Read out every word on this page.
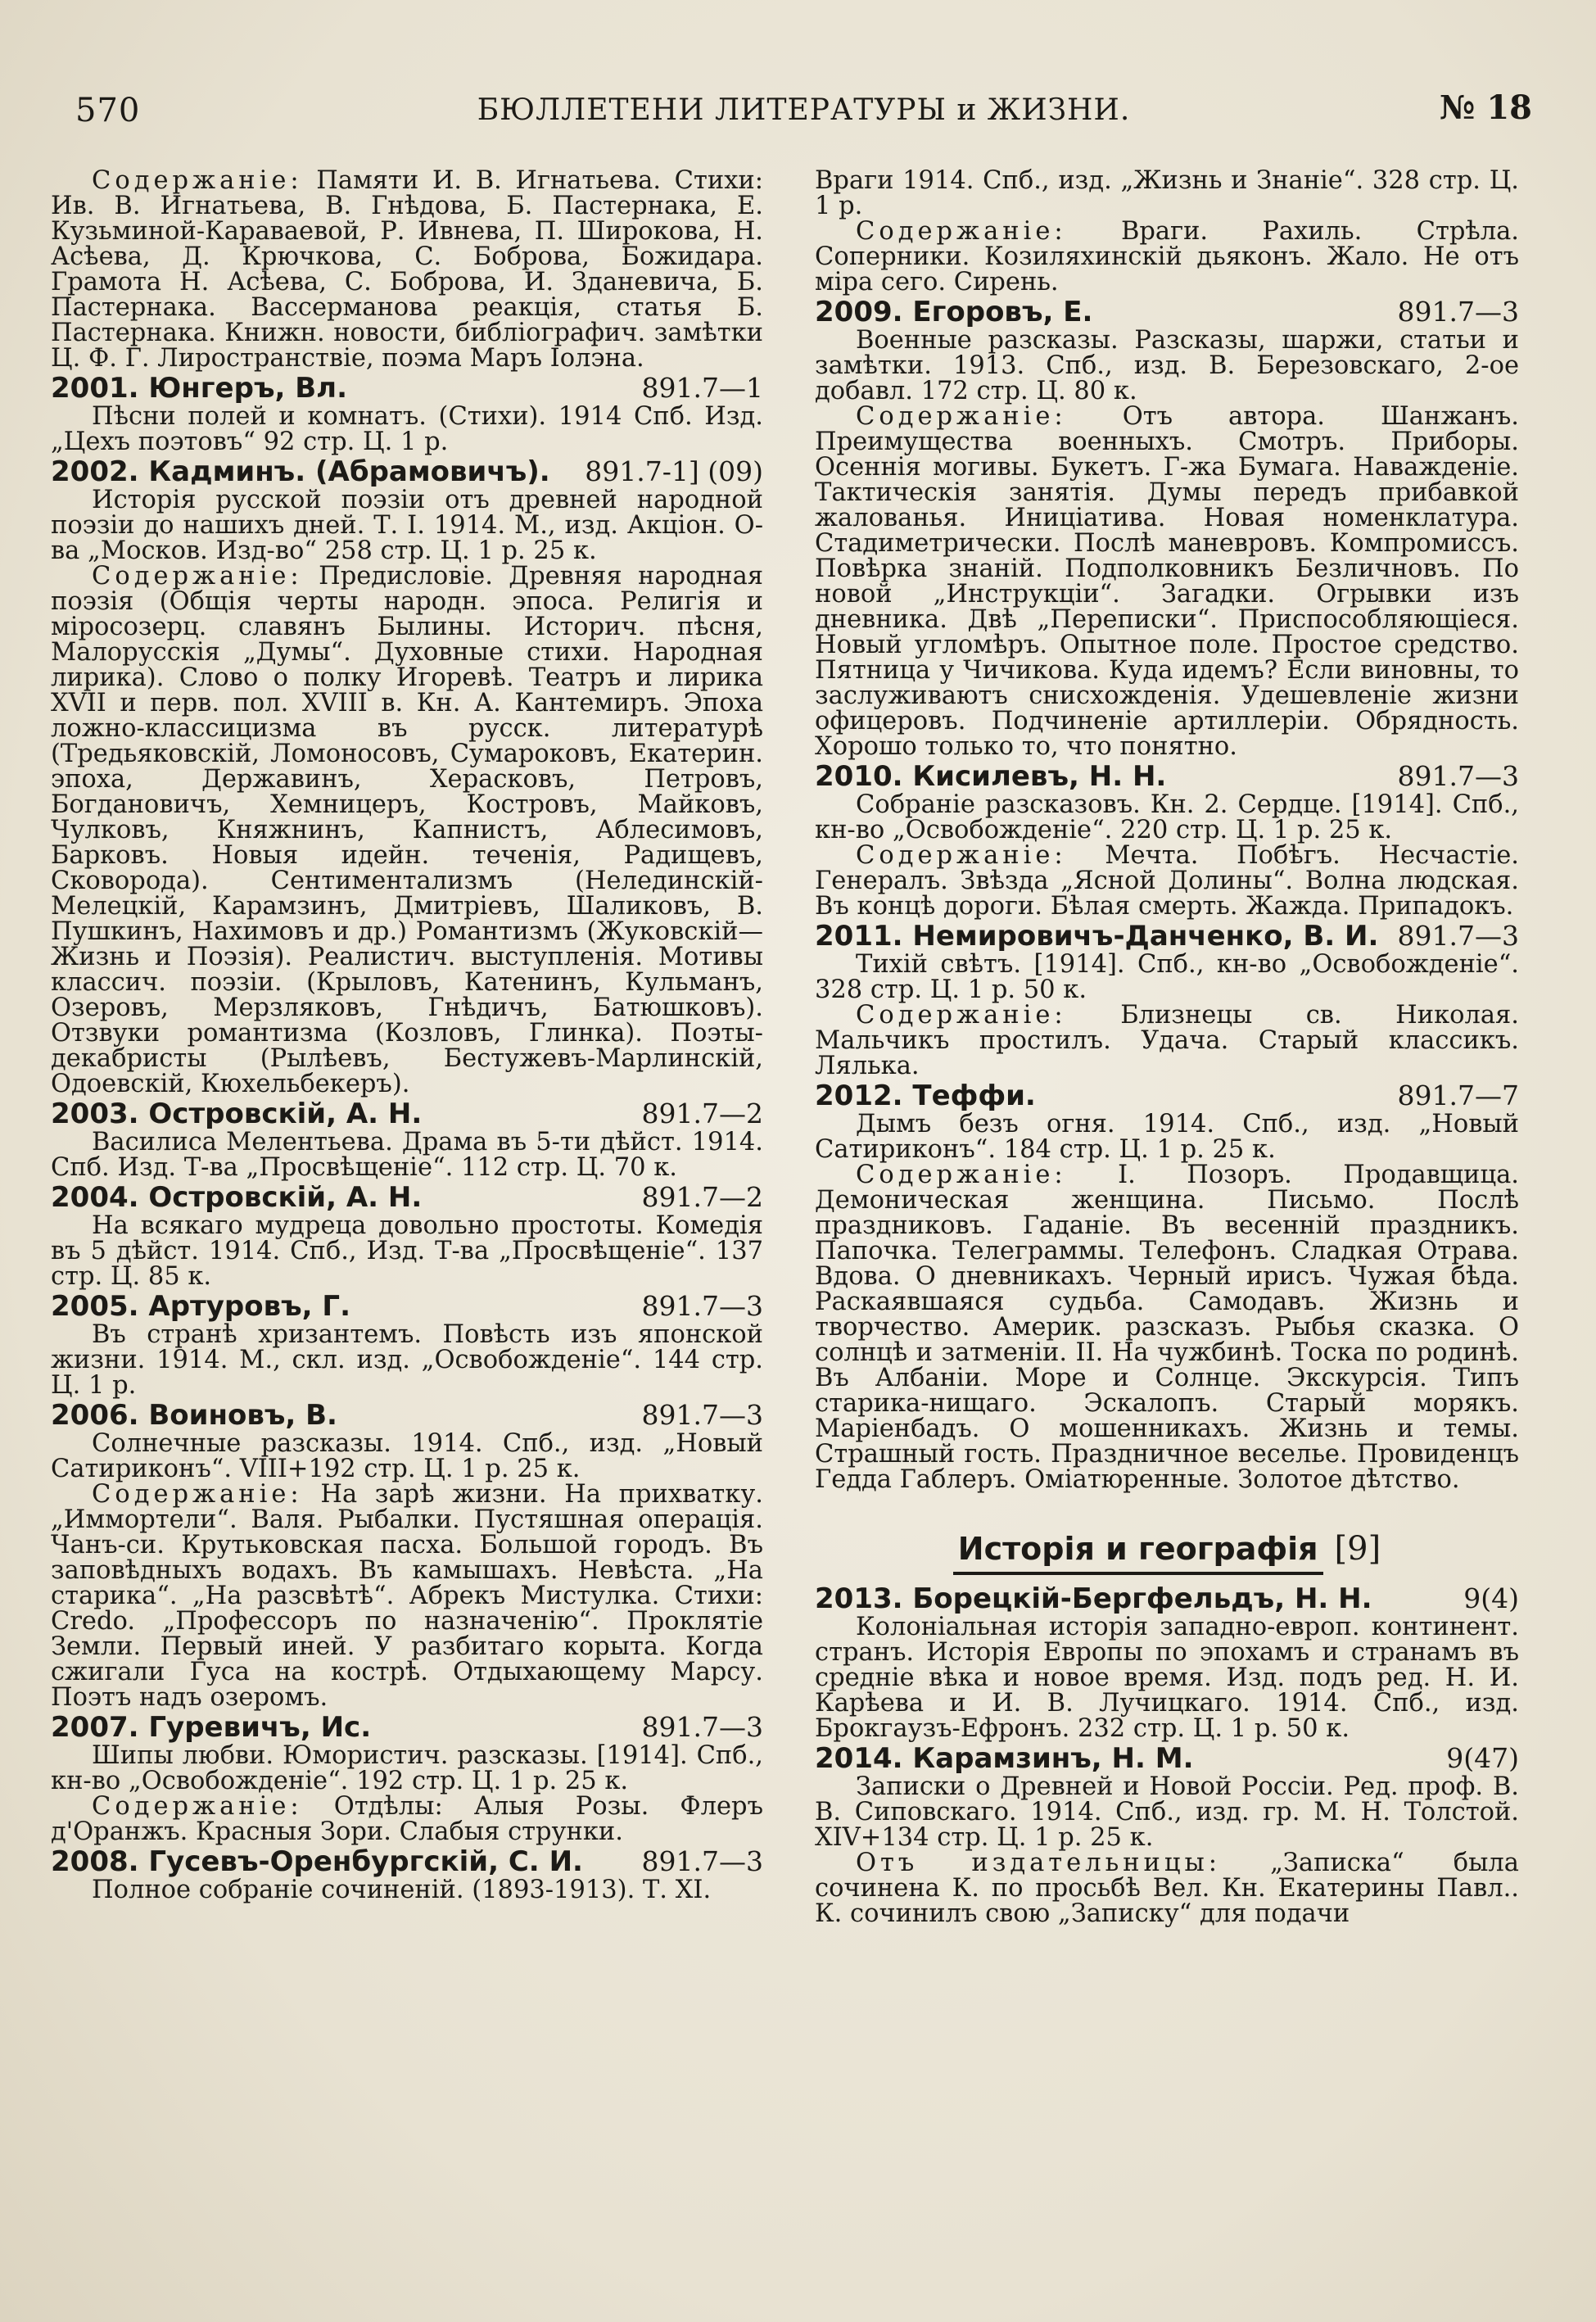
570	БЮЛЛЕТЕНИ ЛИТЕРАТУРЫ и ЖИЗНИ.	№ 18

Содержаніе: Памяти И. В. Игнатьева. Стихи: Ив. В. Игнатьева, В. Гнѣдова, Б. Пастернака, Е. Кузьминой-Караваевой, Р. Ивнева, П. Широкова, Н. Асѣева, Д. Крючкова, С. Боброва, Божидара. Грамота Н. Асѣева, С. Боброва, И. Зданевича, Б. Пастернака. Вассермановa реакція, статья Б. Пастернака. Книжн. новости, библіографич. замѣтки Ц. Ф. Г. Лиространствіе, поэма Маръ Іолэна.

2001. Юнгеръ, Вл.	891.7—1

Пѣсни полей и комнатъ. (Стихи). 1914 Спб. Изд. „Цехъ поэтовъ“ 92 стр. Ц. 1 р.

2002. Кадминъ. (Абрамовичъ). 891.7-1] (09)

Исторія русской поэзіи отъ древней народной поэзіи до нашихъ дней. Т. I. 1914. М., изд. Акціон. О-ва „Москов. Изд-во“ 258 стр. Ц. 1 р. 25 к.

Содержаніе: Предисловіе. Древняя народная поэзія (Общія черты народн. эпоса. Религія и міросозерц. славянъ Былины. Историч. пѣсня, Малорусскія „Думы“. Духовные стихи. Народная лирика). Слово о полку Игоревѣ. Театръ и лирика XVII и перв. пол. XVIII в. Кн. А. Кантемиръ. Эпоха ложно-классицизма въ русск. литературѣ (Тредьяковскій, Ломоносовъ, Сумароковъ, Екатерин. эпоха, Державинъ, Херасковъ, Петровъ, Богдановичъ, Хемницеръ, Костровъ, Майковъ, Чулковъ, Княжнинъ, Капнистъ, Аблесимовъ, Барковъ. Новыя идейн. теченія, Радищевъ, Сковорода). Сентиментализмъ (Нелединскій-Мелецкій, Карамзинъ, Дмитріевъ, Шаликовъ, В. Пушкинъ, Нахимовъ и др.) Романтизмъ (Жуковскій—Жизнь и Поэзія). Реалистич. выступленія. Мотивы классич. поэзіи. (Крыловъ, Катенинъ, Кульманъ, Озеровъ, Мерзляковъ, Гнѣдичъ, Батюшковъ). Отзвуки романтизма (Козловъ, Глинка). Поэты-декабристы (Рылѣевъ, Бестужевъ-Марлинскій, Одоевскій, Кюхельбекеръ).

2003. Островскій, А. Н.	891.7—2

Василиса Мелентьева. Драма въ 5-ти дѣйст. 1914. Спб. Изд. Т-ва „Просвѣщеніе“. 112 стр. Ц. 70 к.

2004. Островскій, А. Н.	891.7—2

На всякаго мудреца довольно простоты. Комедія въ 5 дѣйст. 1914. Спб., Изд. Т-ва „Просвѣщеніе“. 137 стр. Ц. 85 к.

2005. Артуровъ, Г.	891.7—3

Въ странѣ хризантемъ. Повѣсть изъ японской жизни. 1914. М., скл. изд. „Освобожденіе“. 144 стр. Ц. 1 р.

2006. Воиновъ, В.	891.7—3

Солнечные разсказы. 1914. Спб., изд. „Новый Сатириконъ“. VIII+192 стр. Ц. 1 р. 25 к.

Содержаніе: На зарѣ жизни. На прихватку. „Иммортели“. Валя. Рыбалки. Пустяшная операція. Чанъ-си. Крутьковская пасха. Большой городъ. Въ заповѣдныхъ водахъ. Въ камышахъ. Невѣста. „На старика“. „На разсвѣтѣ“. Абрекъ Мистулка. Стихи: Credo. „Профессоръ по назначенію“. Проклятіе Земли. Первый иней. У разбитаго корыта. Когда сжигали Гуса на кострѣ. Отдыхающему Марсу. Поэтъ надъ озеромъ.

2007. Гуревичъ, Ис.	891.7—3

Шипы любви. Юмористич. разсказы. [1914]. Спб., кн-во „Освобожденіе“. 192 стр. Ц. 1 р. 25 к.

Содержаніе: Отдѣлы: Алыя Розы. Флеръ д'Оранжъ. Красныя Зори. Слабыя струнки.

2008. Гусевъ-Оренбургскій, С. И. 891.7—3

Полное собраніе сочиненій. (1893-1913). Т. XI.

Враги 1914. Спб., изд. „Жизнь и Знаніе“. 328 стр. Ц. 1 р.

Содержаніе: Враги. Рахиль. Стрѣла. Соперники. Козиляхинскій дьяконъ. Жало. Не отъ міра сего. Сирень.

2009. Егоровъ, Е.	891.7—3

Военные разсказы. Разсказы, шаржи, статьи и замѣтки. 1913. Спб., изд. В. Березовскаго, 2-ое добавл. 172 стр. Ц. 80 к.

Содержаніе: Отъ автора. Шанжанъ. Преимущества военныхъ. Смотръ. Приборы. Осеннія могивы. Букетъ. Г-жа Бумага. Наважденіе. Тактическія занятія. Думы передъ прибавкой жалованья. Иниціатива. Новая номенклатура. Стадиметрически. Послѣ маневровъ. Компромиссъ. Повѣрка знаній. Подполковникъ Безличновъ. По новой „Инструкціи“. Загадки. Огрывки изъ дневника. Двѣ „Переписки“. Приспособляющіеся. Новый угломѣръ. Опытное поле. Простое средство. Пятница у Чичикова. Куда идемъ? Если виновны, то заслуживаютъ снисхожденія. Удешевленіе жизни офицеровъ. Подчиненіе артиллеріи. Обрядность. Хорошо только то, что понятно.

2010. Кисилевъ, Н. Н.	891.7—3

Собраніе разсказовъ. Кн. 2. Сердце. [1914]. Спб., кн-во „Освобожденіе“. 220 стр. Ц. 1 р. 25 к.

Содержаніе: Мечта. Побѣгъ. Несчастіе. Генералъ. Звѣзда „Ясной Долины“. Волна людская. Въ концѣ дороги. Бѣлая смерть. Жажда. Припадокъ.

2011. Немировичъ-Данченко, В. И. 891.7—3

Тихій свѣтъ. [1914]. Спб., кн-во „Освобожденіе“. 328 стр. Ц. 1 р. 50 к.

Содержаніе: Близнецы св. Николая. Мальчикъ простилъ. Удача. Старый классикъ. Лялька.

2012. Теффи.	891.7—7

Дымъ безъ огня. 1914. Спб., изд. „Новый Сатириконъ“. 184 стр. Ц. 1 р. 25 к.

Содержаніе: I. Позоръ. Продавщица. Демоническая женщина. Письмо. Послѣ праздниковъ. Гаданіе. Въ весенній праздникъ. Папочка. Телеграммы. Телефонъ. Сладкая Отрава. Вдова. О дневникахъ. Черный ирисъ. Чужая бѣда. Раскаявшаяся судьба. Самодавъ. Жизнь и творчество. Америк. разсказъ. Рыбья сказка. О солнцѣ и затменіи. II. На чужбинѣ. Тоска по родинѣ. Въ Албаніи. Море и Солнце. Экскурсія. Типъ старика-нищаго. Эскалопъ. Старый морякъ. Маріенбадъ. О мошенникахъ. Жизнь и темы. Страшный гость. Праздничное веселье. Провиденцъ Гедда Габлеръ. Оміатюренные. Золотое дѣтство.

Исторія и географія [9]
2013. Борецкій-Бергфельдъ, Н. Н.	9(4)

Колоніальная исторія западно-европ. континент. странъ. Исторія Европы по эпохамъ и странамъ въ средніе вѣка и новое время. Изд. подъ ред. Н. И. Карѣева и И. В. Лучицкаго. 1914. Спб., изд. Брокгаузъ-Ефронъ. 232 стр. Ц. 1 р. 50 к.

2014. Карамзинъ, Н. М.	9(47)

Записки о Древней и Новой Россіи. Ред. проф. В. В. Сиповскаго. 1914. Спб., изд. гр. М. Н. Толстой. XIV+134 стр. Ц. 1 р. 25 к.

Отъ издательницы: „Записка“ была сочинена К. по просьбѣ Вел. Кн. Екатерины Павл.. К. сочинилъ свою „Записку“ для подачи
